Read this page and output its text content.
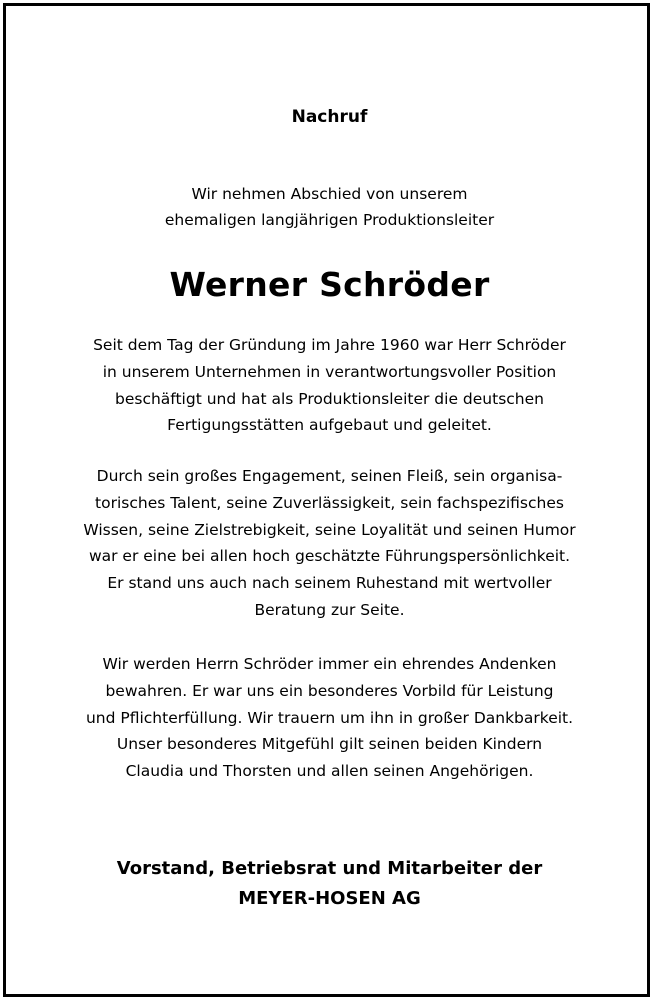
Nachruf
Wir nehmen Abschied von unserem
ehemaligen langjährigen Produktionsleiter
Werner Schröder
Seit dem Tag der Gründung im Jahre 1960 war Herr Schröder
in unserem Unternehmen in verantwortungsvoller Position
beschäftigt und hat als Produktionsleiter die deutschen
Fertigungsstätten aufgebaut und geleitet.
Durch sein großes Engagement, seinen Fleiß, sein organisa-
torisches Talent, seine Zuverlässigkeit, sein fachspezifisches
Wissen, seine Zielstrebigkeit, seine Loyalität und seinen Humor
war er eine bei allen hoch geschätzte Führungspersönlichkeit.
Er stand uns auch nach seinem Ruhestand mit wertvoller
Beratung zur Seite.
Wir werden Herrn Schröder immer ein ehrendes Andenken
bewahren. Er war uns ein besonderes Vorbild für Leistung
und Pflichterfüllung. Wir trauern um ihn in großer Dankbarkeit.
Unser besonderes Mitgefühl gilt seinen beiden Kindern
Claudia und Thorsten und allen seinen Angehörigen.
Vorstand, Betriebsrat und Mitarbeiter der
MEYER-HOSEN AG
